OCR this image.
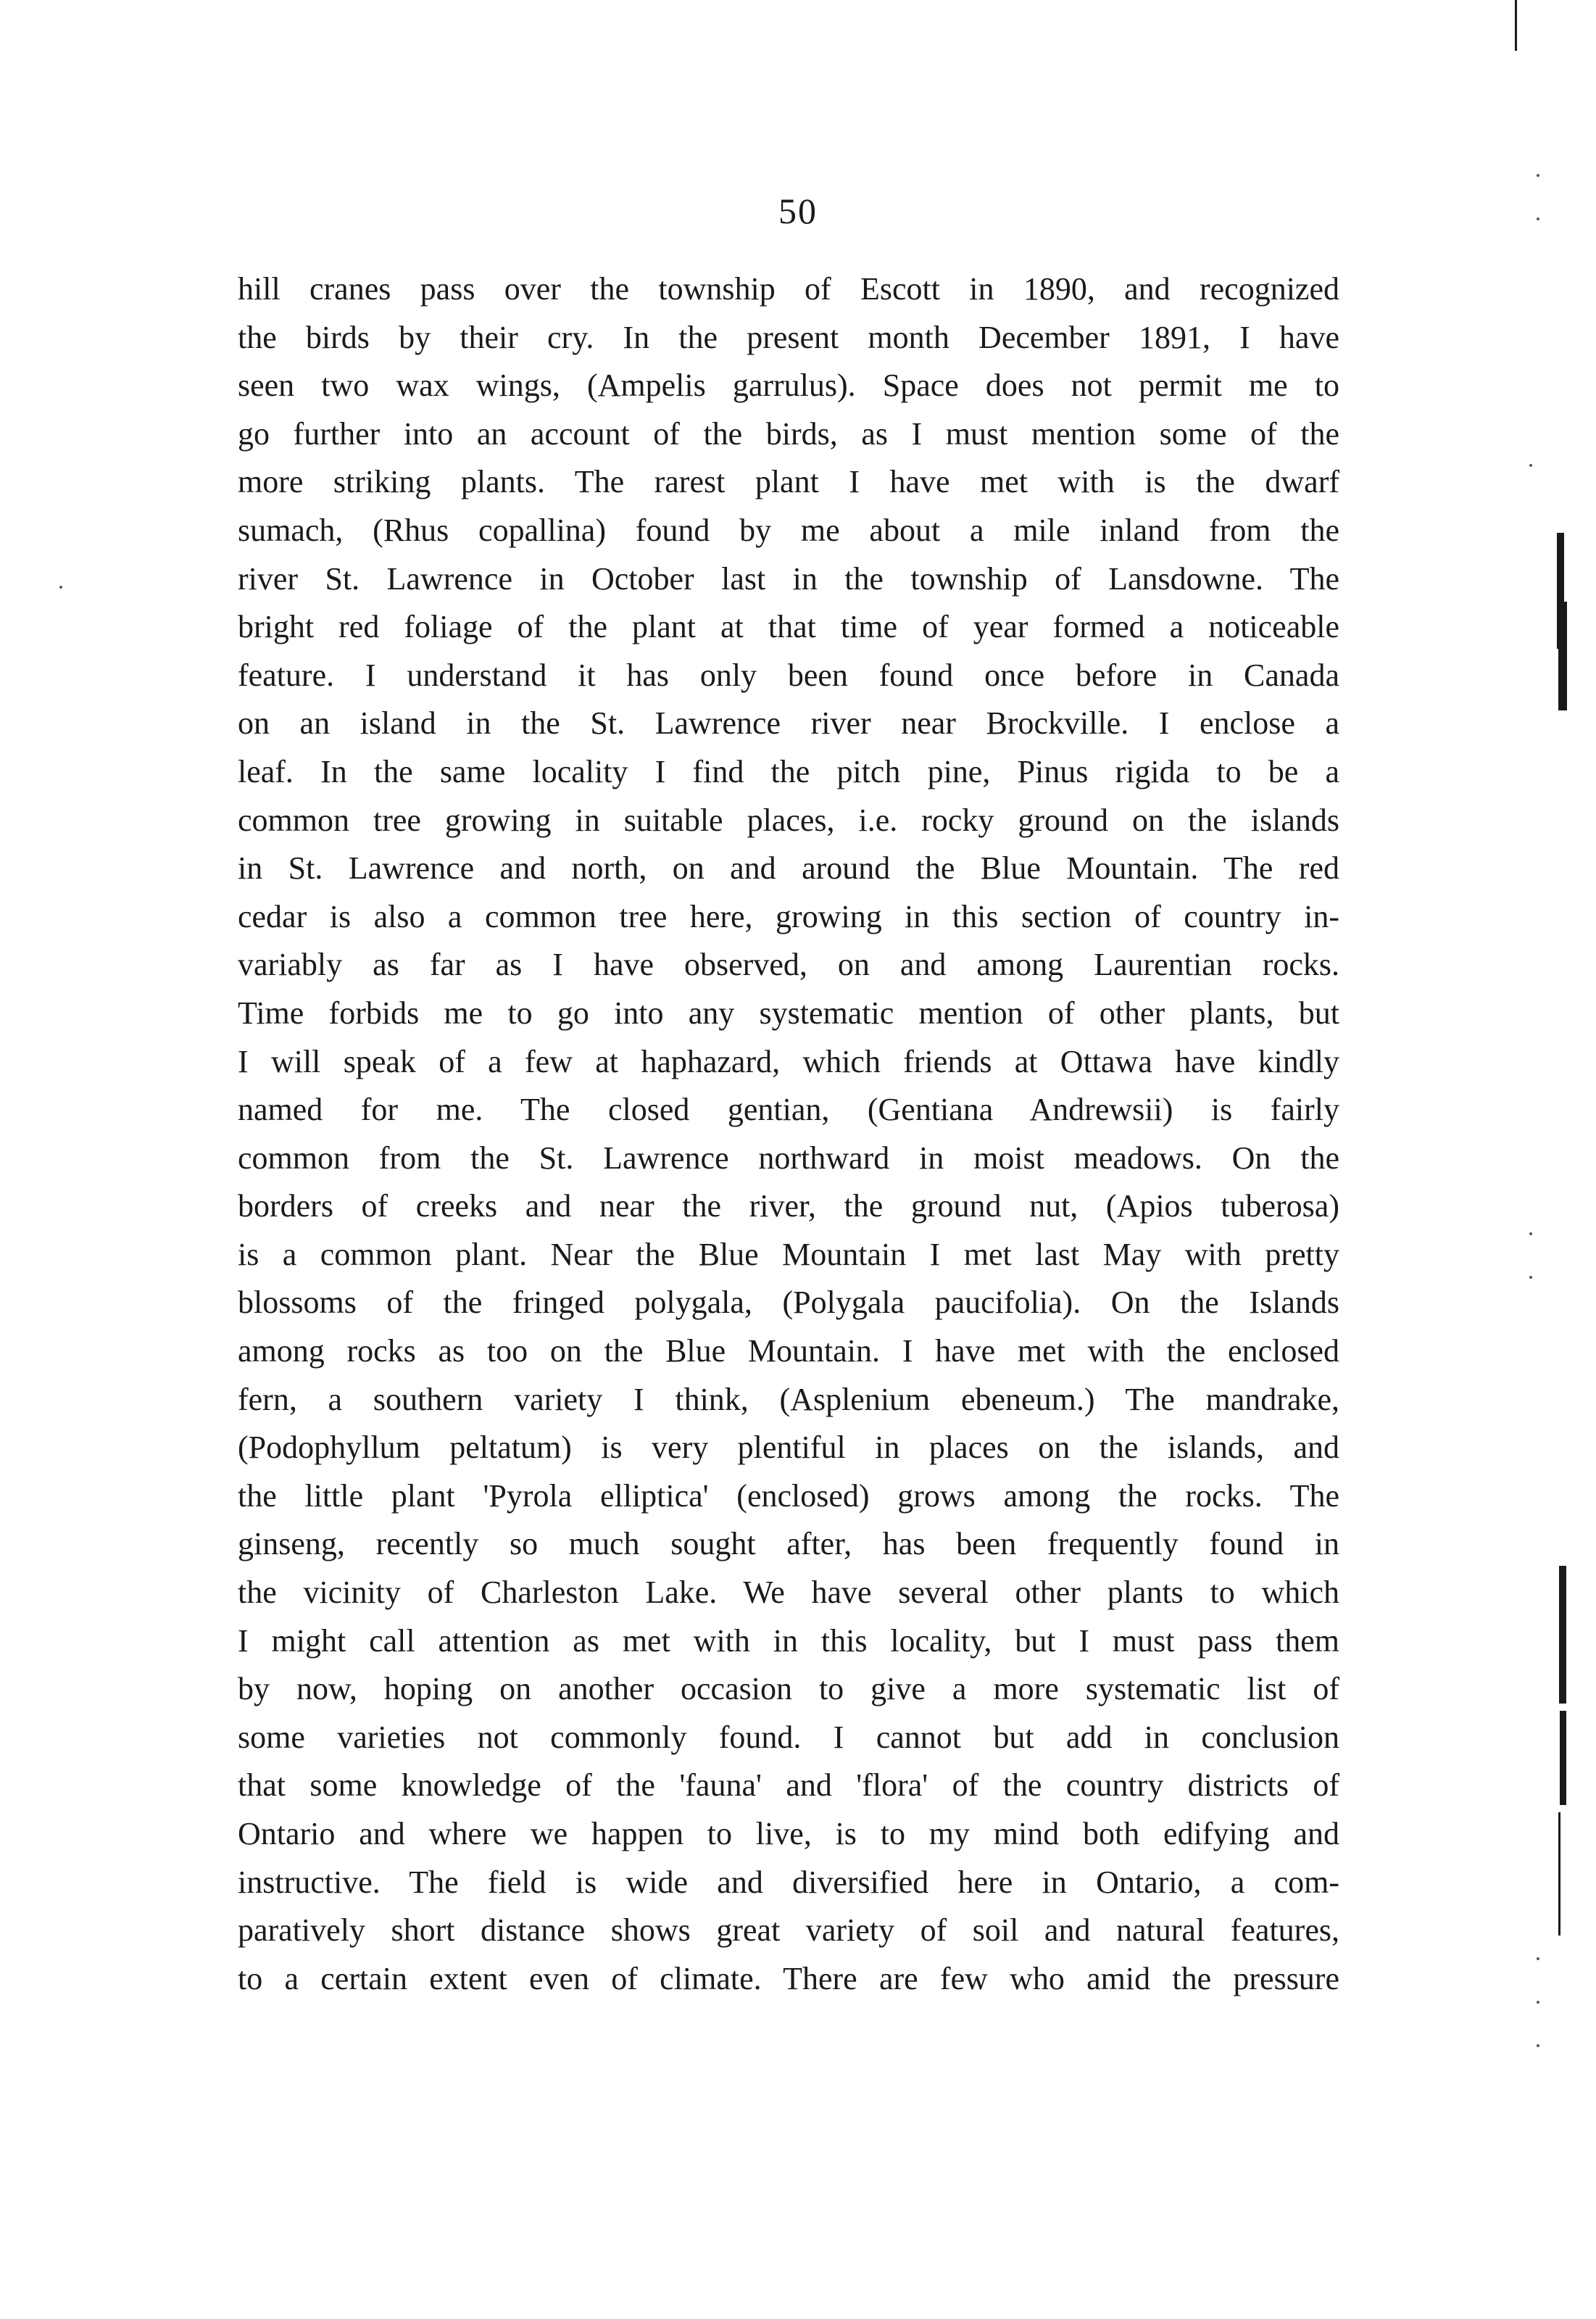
50
hill cranes pass over the township of Escott in 1890, and recognized
the birds by their cry. In the present month December 1891, I have
seen two wax wings, (Ampelis garrulus). Space does not permit me to
go further into an account of the birds, as I must mention some of the
more striking plants. The rarest plant I have met with is the dwarf
sumach, (Rhus copallina) found by me about a mile inland from the
river St. Lawrence in October last in the township of Lansdowne. The
bright red foliage of the plant at that time of year formed a noticeable
feature. I understand it has only been found once before in Canada
on an island in the St. Lawrence river near Brockville. I enclose a
leaf. In the same locality I find the pitch pine, Pinus rigida to be a
common tree growing in suitable places, i.e. rocky ground on the islands
in St. Lawrence and north, on and around the Blue Mountain. The red
cedar is also a common tree here, growing in this section of country in-
variably as far as I have observed, on and among Laurentian rocks.
Time forbids me to go into any systematic mention of other plants, but
I will speak of a few at haphazard, which friends at Ottawa have kindly
named for me. The closed gentian, (Gentiana Andrewsii) is fairly
common from the St. Lawrence northward in moist meadows. On the
borders of creeks and near the river, the ground nut, (Apios tuberosa)
is a common plant. Near the Blue Mountain I met last May with pretty
blossoms of the fringed polygala, (Polygala paucifolia). On the Islands
among rocks as too on the Blue Mountain. I have met with the enclosed
fern, a southern variety I think, (Asplenium ebeneum.) The mandrake,
(Podophyllum peltatum) is very plentiful in places on the islands, and
the little plant 'Pyrola elliptica' (enclosed) grows among the rocks. The
ginseng, recently so much sought after, has been frequently found in
the vicinity of Charleston Lake. We have several other plants to which
I might call attention as met with in this locality, but I must pass them
by now, hoping on another occasion to give a more systematic list of
some varieties not commonly found. I cannot but add in conclusion
that some knowledge of the 'fauna' and 'flora' of the country districts of
Ontario and where we happen to live, is to my mind both edifying and
instructive. The field is wide and diversified here in Ontario, a com-
paratively short distance shows great variety of soil and natural features,
to a certain extent even of climate. There are few who amid the pressure
